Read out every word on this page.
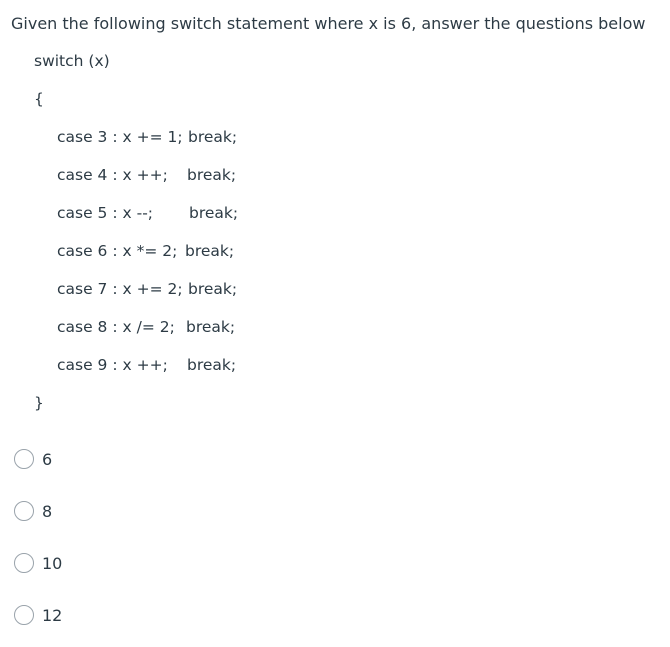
Given the following switch statement where x is 6, answer the questions below
switch (x)
{
case 3 : x += 1; break;
case 4 : x ++; break;
case 5 : x --; break;
case 6 : x *= 2; break;
case 7 : x += 2; break;
case 8 : x /= 2; break;
case 9 : x ++; break;
}
6
8
10
12
